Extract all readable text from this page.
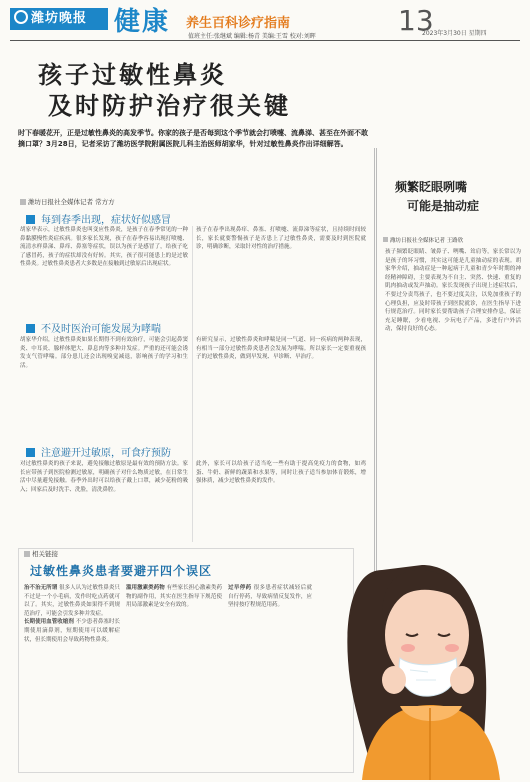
潍坊晚报	健康 养生百科诊疗指南	13
2023年3月30日 星期四
值班主任:张继斌 编辑:杨青 美编:王雪 校对:刘晖
孩子过敏性鼻炎
及时防护治疗很关键
时下春暖花开，正是过敏性鼻炎的高发季节。你家的孩子是否每到这个季节就会打喷嚏、流鼻涕、甚至在外面不敢摘口罩？3月28日，记者采访了潍坊医学院附属医院儿科主治医师胡家华，针对过敏性鼻炎作出详细解答。
潍坊日报社全媒体记者 常方方
每到春季出现，症状好似感冒
胡家华表示，过敏性鼻炎也叫变应性鼻炎，是孩子在春季常见的一种鼻黏膜慢性炎症疾病。很多家长发现，孩子在春季容易出现打喷嚏、流清水样鼻涕、鼻痒、鼻塞等症状，误以为孩子是感冒了，给孩子吃了感冒药，孩子的症状却没有好转。其实，孩子很可能患上的是过敏性鼻炎。过敏性鼻炎患者大多数是在接触到过敏原后出现症状。
孩子在春季出现鼻痒、鼻塞、打喷嚏、流鼻涕等症状，且持续时间较长，家长就要警惕孩子是否患上了过敏性鼻炎，需要及时到医院就诊，明确诊断，采取针对性的治疗措施。
不及时医治可能发展为哮喘
胡家华介绍，过敏性鼻炎如果长期得不到有效治疗，可能会引起鼻窦炎、中耳炎、腺样体肥大、鼻息肉等多种并发症。严重的还可能会诱发支气管哮喘。部分患儿还会出现嗅觉减退，影响孩子的学习和生活。
有研究显示，过敏性鼻炎和哮喘是同一气道、同一疾病的两种表现，有相当一部分过敏性鼻炎患者会发展为哮喘。所以家长一定要重视孩子的过敏性鼻炎，做到早发现、早诊断、早治疗。
注意避开过敏原，可食疗预防
对过敏性鼻炎的孩子来说，避免接触过敏原是最有效的预防方法。家长应带孩子到医院检测过敏原，明确孩子对什么物质过敏，在日常生活中尽量避免接触。春季外出时可以给孩子戴上口罩，减少花粉的吸入；回家后及时洗手、洗脸，清洗鼻腔。
此外，家长可以给孩子适当吃一些有助于提高免疫力的食物，如鸡蛋、牛奶、新鲜的蔬菜和水果等，同时让孩子适当参加体育锻炼，增强体质，减少过敏性鼻炎的发作。
频繁眨眼咧嘴
可能是抽动症
潍坊日报社全媒体记者 王路欣
孩子频繁眨眼睛、皱鼻子、咧嘴、耸肩等，家长常以为是孩子的坏习惯，其实这可能是儿童抽动症的表现。胡家华介绍，抽动症是一种起病于儿童和青少年时期的神经精神障碍，主要表现为不自主、突然、快速、重复的肌肉抽动或发声抽动。家长发现孩子出现上述症状后，不要过分责骂孩子，也不要过度关注，以免加重孩子的心理负担，应及时带孩子到医院就诊，在医生指导下进行规范治疗。同时家长要帮助孩子合理安排作息，保证充足睡眠，少看电视、少玩电子产品，多进行户外活动，保持良好的心态。
相关链接
过敏性鼻炎患者要避开四个误区
治不治无所谓 很多人认为过敏性鼻炎只不过是一个小毛病，发作时吃点药就可以了。其实，过敏性鼻炎如果得不到规范治疗，可能会引发多种并发症。
长期使用血管收缩剂 不少患者鼻塞时长期使用滴鼻剂，短期使用可以缓解症状，但长期使用会导致药物性鼻炎。
滥用激素类药物 有些家长担心激素类药物的副作用，其实在医生指导下规范使用局部激素是安全有效的。
过早停药 很多患者症状减轻后就自行停药，导致病情反复发作，应坚持按疗程规范用药。
